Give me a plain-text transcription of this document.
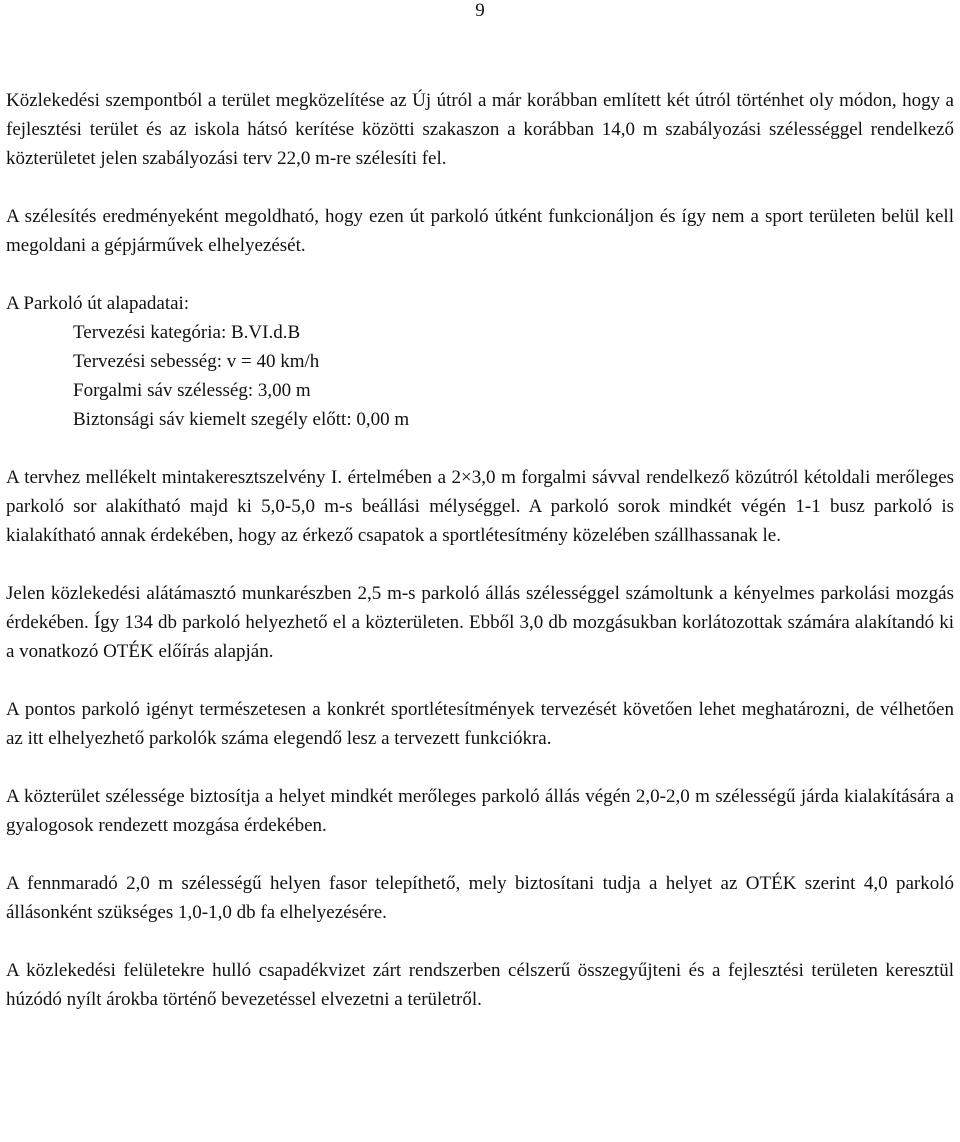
9

Közlekedési szempontból a terület megközelítése az Új útról a már korábban említett két útról történhet oly módon, hogy a fejlesztési terület és az iskola hátsó kerítése közötti szakaszon a korábban 14,0 m szabályozási szélességgel rendelkező közterületet jelen szabályozási terv 22,0 m-re szélesíti fel.

A szélesítés eredményeként megoldható, hogy ezen út parkoló útként funkcionáljon és így nem a sport területen belül kell megoldani a gépjárművek elhelyezését.

A Parkoló út alapadatai:

Tervezési kategória: B.VI.d.B
Tervezési sebesség: v = 40 km/h
Forgalmi sáv szélesség: 3,00 m
Biztonsági sáv kiemelt szegély előtt: 0,00 m

A tervhez mellékelt mintakeresztszelvény I. értelmében a 2×3,0 m forgalmi sávval rendelkező közútról kétoldali merőleges parkoló sor alakítható majd ki 5,0-5,0 m-s beállási mélységgel. A parkoló sorok mindkét végén 1-1 busz parkoló is kialakítható annak érdekében, hogy az érkező csapatok a sportlétesítmény közelében szállhassanak le.

Jelen közlekedési alátámasztó munkarészben 2,5 m-s parkoló állás szélességgel számoltunk a kényelmes parkolási mozgás érdekében. Így 134 db parkoló helyezhető el a közterületen. Ebből 3,0 db mozgásukban korlátozottak számára alakítandó ki a vonatkozó OTÉK előírás alapján.

A pontos parkoló igényt természetesen a konkrét sportlétesítmények tervezését követően lehet meghatározni, de vélhetően az itt elhelyezhető parkolók száma elegendő lesz a tervezett funkciókra.

A közterület szélessége biztosítja a helyet mindkét merőleges parkoló állás végén 2,0-2,0 m szélességű járda kialakítására a gyalogosok rendezett mozgása érdekében.

A fennmaradó 2,0 m szélességű helyen fasor telepíthető, mely biztosítani tudja a helyet az OTÉK szerint 4,0 parkoló állásonként szükséges 1,0-1,0 db fa elhelyezésére.

A közlekedési felületekre hulló csapadékvizet zárt rendszerben célszerű összegyűjteni és a fejlesztési területen keresztül húzódó nyílt árokba történő bevezetéssel elvezetni a területről.
